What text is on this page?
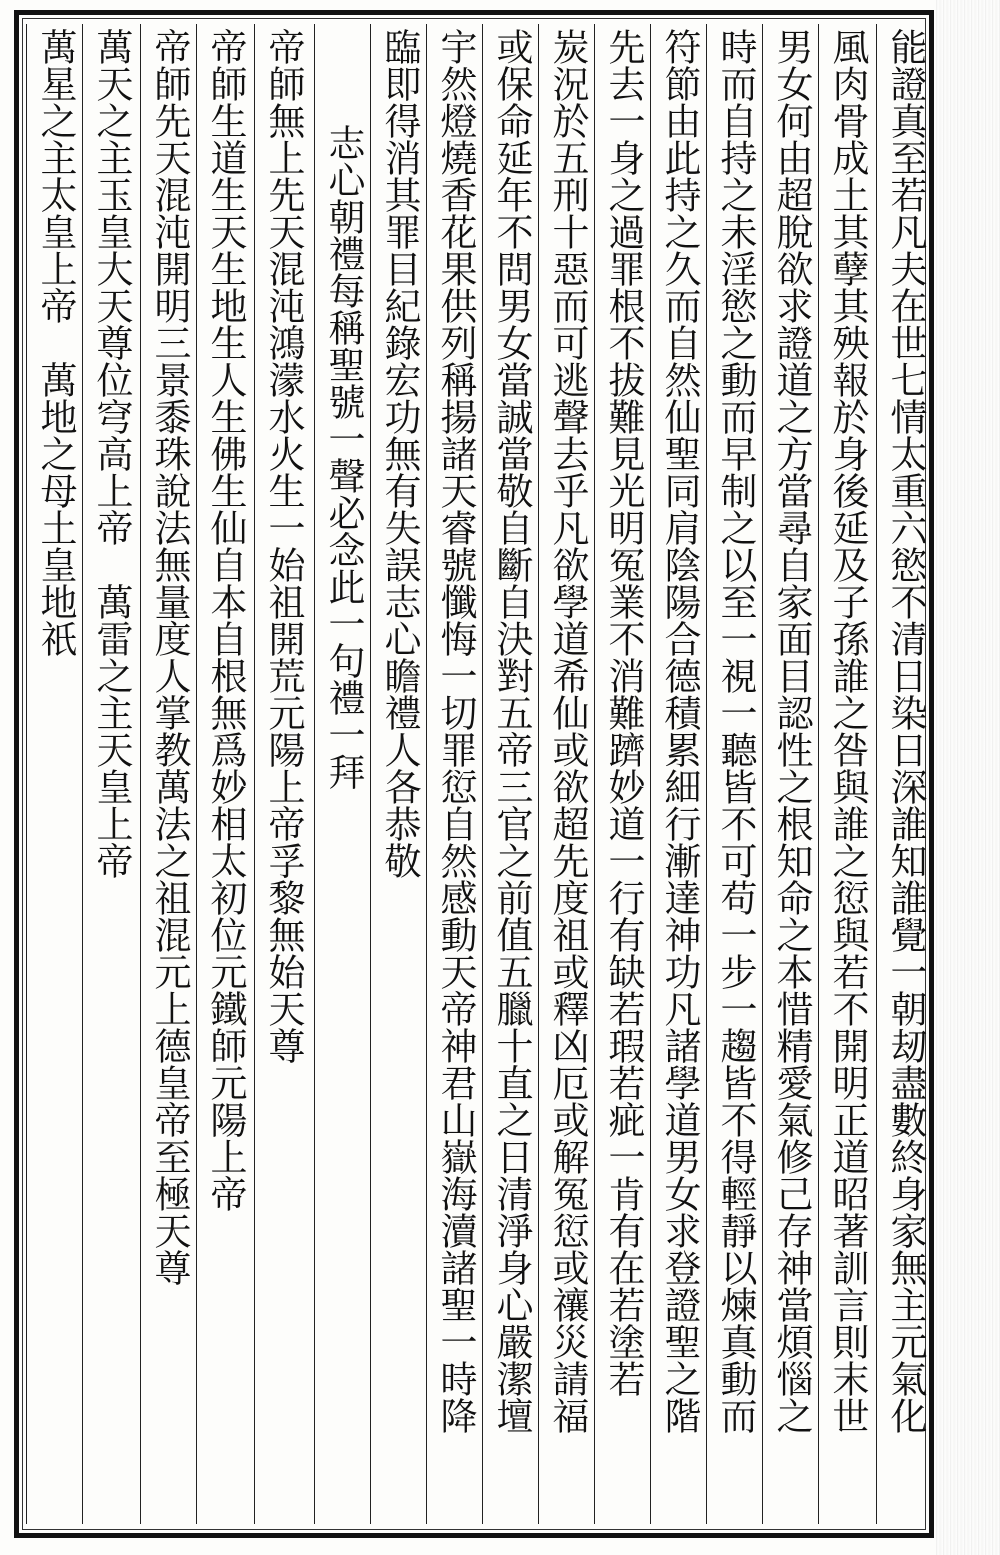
能證真至若凡夫在世七情太重六慾不清日染日深誰知誰覺一朝刼盡數終身家無主元氣化
風肉骨成土其孽其殃報於身後延及子孫誰之咎與誰之愆與若不開明正道昭著訓言則末世
男女何由超脫欲求證道之方當尋自家面目認性之根知命之本惜精愛氣修己存神當煩惱之
時而自持之未淫慾之動而早制之以至一視一聽皆不可苟一步一趨皆不得輕靜以煉真動而
符節由此持之久而自然仙聖同肩陰陽合德積累細行漸達神功凡諸學道男女求登證聖之階
先去一身之過罪根不拔難見光明冤業不消難躋妙道一行有缺若瑕若疵一肯有在若塗若
炭況於五刑十惡而可逃聲去乎凡欲學道希仙或欲超先度祖或釋凶厄或解冤愆或禳災請福
或保命延年不問男女當誠當敬自斷自決對五帝三官之前值五臘十直之日清淨身心嚴潔壇
宇然燈燒香花果供列稱揚諸天睿號懺悔一切罪愆自然感動天帝神君山嶽海瀆諸聖一時降
臨即得消其罪目紀錄宏功無有失誤志心瞻禮人各恭敬
志心朝禮每稱聖號一聲必念此一句禮一拜
帝師無上先天混沌鴻濛水火生一始祖開荒元陽上帝孚黎無始天尊
帝師生道生天生地生人生佛生仙自本自根無爲妙相太初位元鐵師元陽上帝
帝師先天混沌開明三景黍珠說法無量度人掌教萬法之祖混元上德皇帝至極天尊
萬天之主玉皇大天尊位穹高上帝　萬雷之主天皇上帝
萬星之主太皇上帝　萬地之母土皇地祇
